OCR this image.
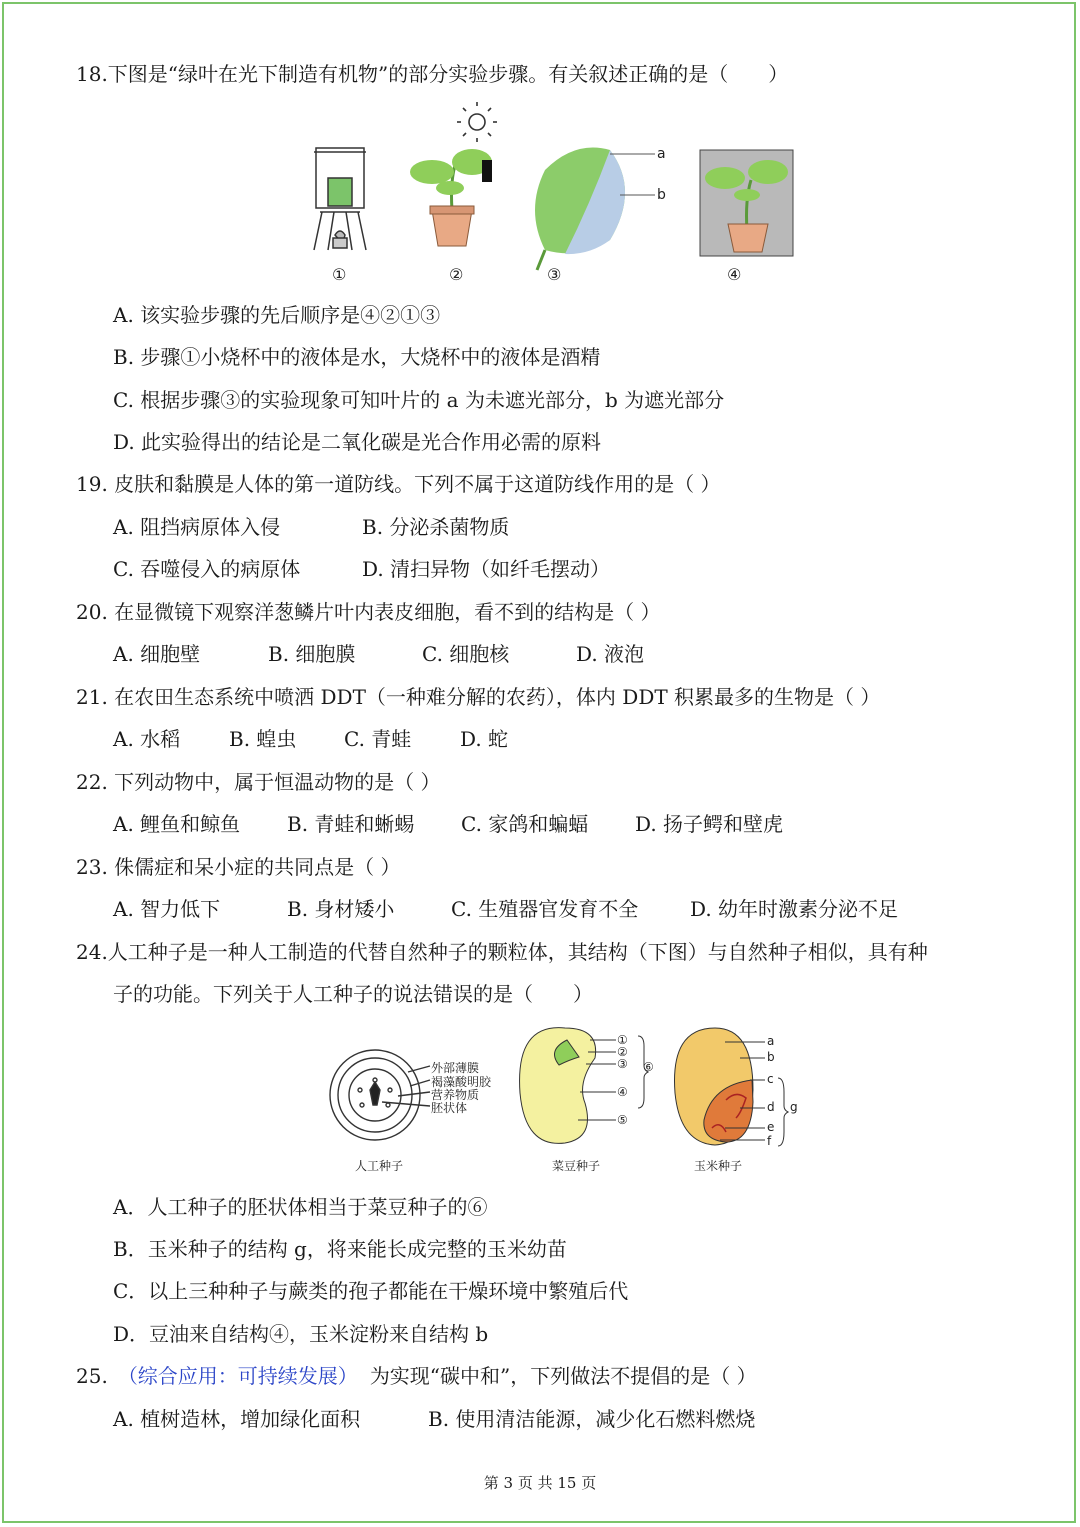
18.下图是“绿叶在光下制造有机物”的部分实验步骤。有关叙述正确的是（　　）
a
b
①	②	③	④
A. 该实验步骤的先后顺序是④②①③
B. 步骤①小烧杯中的液体是水，大烧杯中的液体是酒精
C. 根据步骤③的实验现象可知叶片的 a 为未遮光部分，b 为遮光部分
D. 此实验得出的结论是二氧化碳是光合作用必需的原料
19. 皮肤和黏膜是人体的第一道防线。下列不属于这道防线作用的是（ ）
A. 阻挡病原体入侵	B. 分泌杀菌物质
C. 吞噬侵入的病原体	D. 清扫异物（如纤毛摆动）
20. 在显微镜下观察洋葱鳞片叶内表皮细胞，看不到的结构是（ ）
A. 细胞壁	B. 细胞膜	C. 细胞核	D. 液泡
21. 在农田生态系统中喷洒 DDT（一种难分解的农药），体内 DDT 积累最多的生物是（ ）
A. 水稻 B. 蝗虫 C. 青蛙 D. 蛇
22. 下列动物中，属于恒温动物的是（ ）
A. 鲤鱼和鲸鱼 B. 青蛙和蜥蜴 C. 家鸽和蝙蝠 D. 扬子鳄和壁虎
23. 侏儒症和呆小症的共同点是（ ）
A. 智力低下	B. 身材矮小	C. 生殖器官发育不全	D. 幼年时激素分泌不足
24.人工种子是一种人工制造的代替自然种子的颗粒体，其结构（下图）与自然种子相似，具有种
子的功能。下列关于人工种子的说法错误的是（　　）
外部薄膜
褐藻酸明胶
营养物质
胚状体
人工种子
①
②
③
④
⑤
⑥
菜豆种子
a
b
c
d
e
f
g
玉米种子
A．人工种子的胚状体相当于菜豆种子的⑥
B．玉米种子的结构 g，将来能长成完整的玉米幼苗
C．以上三种种子与蕨类的孢子都能在干燥环境中繁殖后代
D．豆油来自结构④，玉米淀粉来自结构 b
25. （综合应用：可持续发展） 为实现“碳中和”，下列做法不提倡的是（ ）
A. 植树造林，增加绿化面积	B. 使用清洁能源，减少化石燃料燃烧
第 3 页 共 15 页
